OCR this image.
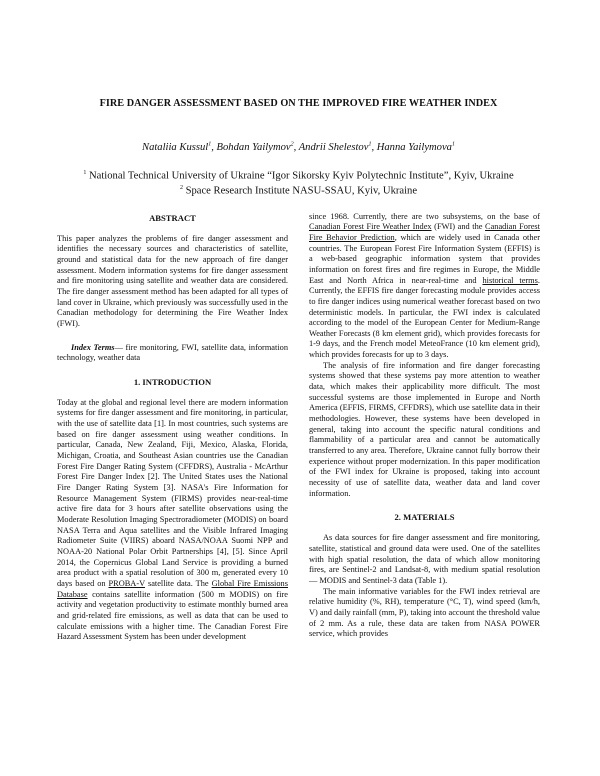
FIRE DANGER ASSESSMENT BASED ON THE IMPROVED FIRE WEATHER INDEX
Nataliia Kussul$^1$, Bohdan Yailymov$^2$, Andrii Shelestov$^1$, Hanna Yailymova$^1$
$^1$ National Technical University of Ukraine “Igor Sikorsky Kyiv Polytechnic Institute”, Kyiv, Ukraine
$^2$ Space Research Institute NASU-SSAU, Kyiv, Ukraine
ABSTRACT

This paper analyzes the problems of fire danger assessment and identifies the necessary sources and characteristics of satellite, ground and statistical data for the new approach of fire danger assessment. Modern information systems for fire danger assessment and fire monitoring using satellite and weather data are considered. The fire danger assessment method has been adapted for all types of land cover in Ukraine, which previously was successfully used in the Canadian methodology for determining the Fire Weather Index (FWI).

Index Terms— fire monitoring, FWI, satellite data, information technology, weather data

1. INTRODUCTION

Today at the global and regional level there are modern information systems for fire danger assessment and fire monitoring, in particular, with the use of satellite data [1]. In most countries, such systems are based on fire danger assessment using weather conditions. In particular, Canada, New Zealand, Fiji, Mexico, Alaska, Florida, Michigan, Croatia, and Southeast Asian countries use the Canadian Forest Fire Danger Rating System (CFFDRS), Australia - McArthur Forest Fire Danger Index [2]. The United States uses the National Fire Danger Rating System [3]. NASA's Fire Information for Resource Management System (FIRMS) provides near-real-time active fire data for 3 hours after satellite observations using the Moderate Resolution Imaging Spectroradiometer (MODIS) on board NASA Terra and Aqua satellites and the Visible Infrared Imaging Radiometer Suite (VIIRS) aboard NASA/NOAA Suomi NPP and NOAA-20 National Polar Orbit Partnerships [4], [5]. Since April 2014, the Copernicus Global Land Service is providing a burned area product with a spatial resolution of 300 m, generated every 10 days based on PROBA-V satellite data. The Global Fire Emissions Database contains satellite information (500 m MODIS) on fire activity and vegetation productivity to estimate monthly burned area and grid-related fire emissions, as well as data that can be used to calculate emissions with a higher time. The Canadian Forest Fire Hazard Assessment System has been under development

since 1968. Currently, there are two subsystems, on the base of Canadian Forest Fire Weather Index (FWI) and the Canadian Forest Fire Behavior Prediction, which are widely used in Canada other countries. The European Forest Fire Information System (EFFIS) is a web-based geographic information system that provides information on forest fires and fire regimes in Europe, the Middle East and North Africa in near-real-time and historical terms. Currently, the EFFIS fire danger forecasting module provides access to fire danger indices using numerical weather forecast based on two deterministic models. In particular, the FWI index is calculated according to the model of the European Center for Medium-Range Weather Forecasts (8 km element grid), which provides forecasts for 1-9 days, and the French model MeteoFrance (10 km element grid), which provides forecasts for up to 3 days.

The analysis of fire information and fire danger forecasting systems showed that these systems pay more attention to weather data, which makes their applicability more difficult. The most successful systems are those implemented in Europe and North America (EFFIS, FIRMS, CFFDRS), which use satellite data in their methodologies. However, these systems have been developed in general, taking into account the specific natural conditions and flammability of a particular area and cannot be automatically transferred to any area. Therefore, Ukraine cannot fully borrow their experience without proper modernization. In this paper modification of the FWI index for Ukraine is proposed, taking into account necessity of use of satellite data, weather data and land cover information.

2. MATERIALS

As data sources for fire danger assessment and fire monitoring, satellite, statistical and ground data were used. One of the satellites with high spatial resolution, the data of which allow monitoring fires, are Sentinel-2 and Landsat-8, with medium spatial resolution — MODIS and Sentinel-3 data (Table 1).

The main informative variables for the FWI index retrieval are relative humidity (%, RH), temperature (°C, T), wind speed (km/h, V) and daily rainfall (mm, P), taking into account the threshold value of 2 mm. As a rule, these data are taken from NASA POWER service, which provides
